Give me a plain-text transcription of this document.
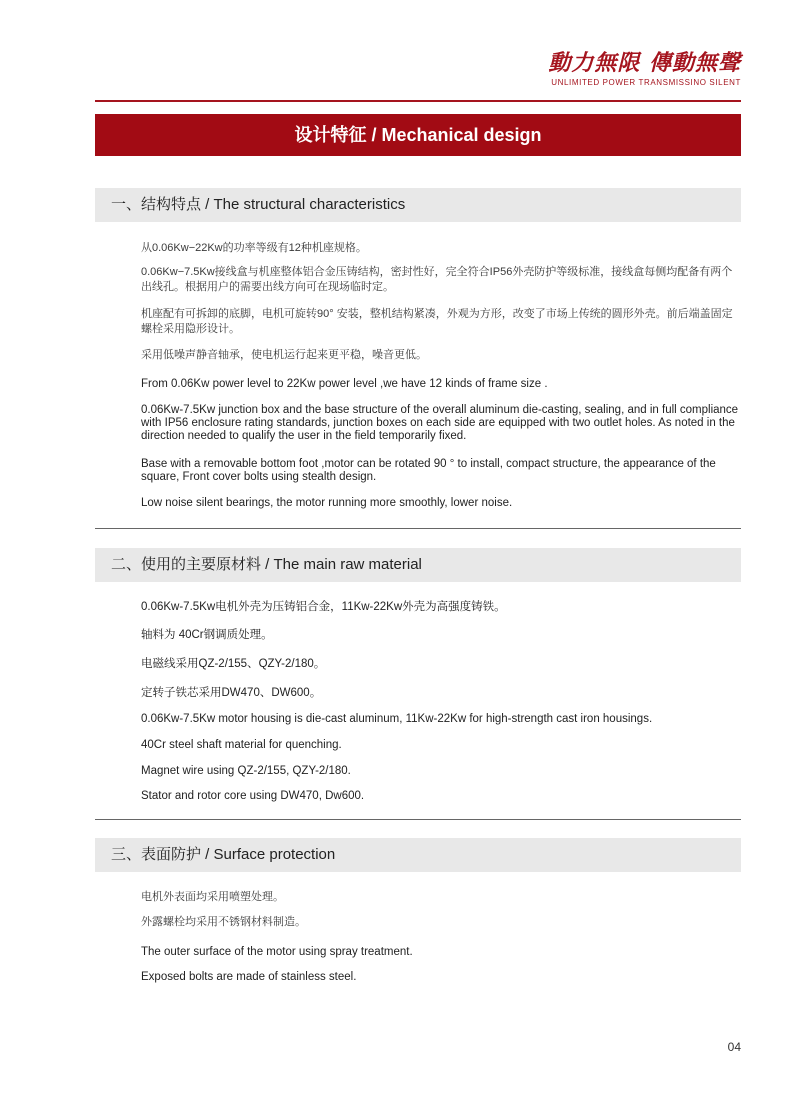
動力無限 傳動無聲
UNLIMITED POWER TRANSMISSINO SILENT
设计特征 / Mechanical design
一、结构特点 / The structural characteristics

从0.06Kw−22Kw的功率等级有12种机座规格。

0.06Kw−7.5Kw接线盒与机座整体铝合金压铸结构，密封性好，完全符合IP56外壳防护等级标准，接线盒每侧均配备有两个出线孔。根据用户的需要出线方向可在现场临时定。

机座配有可拆卸的底脚，电机可旋转90° 安装，整机结构紧凑，外观为方形，改变了市场上传统的圆形外壳。前后端盖固定螺栓采用隐形设计。

采用低噪声静音轴承，使电机运行起来更平稳，噪音更低。

From 0.06Kw power level to 22Kw power level ,we have 12 kinds of frame size .

0.06Kw-7.5Kw junction box and the base structure of the overall aluminum die-casting, sealing, and in full compliance with IP56 enclosure rating standards, junction boxes on each side are equipped with two outlet holes. As noted in the direction needed to qualify the user in the field temporarily fixed.

Base with a removable bottom foot ,motor can be rotated 90 ° to install, compact structure, the appearance of the square, Front cover bolts using stealth design.

Low noise silent bearings, the motor running more smoothly, lower noise.

二、使用的主要原材料 / The main raw material

0.06Kw-7.5Kw电机外壳为压铸铝合金，11Kw-22Kw外壳为高强度铸铁。

轴料为 40Cr钢调质处理。

电磁线采用QZ-2/155、QZY-2/180。

定转子铁芯采用DW470、DW600。

0.06Kw-7.5Kw motor housing is die-cast aluminum, 11Kw-22Kw for high-strength cast iron housings.

40Cr steel shaft material for quenching.

Magnet wire using QZ-2/155, QZY-2/180.

Stator and rotor core using DW470, Dw600.

三、表面防护 / Surface protection

电机外表面均采用喷塑处理。

外露螺栓均采用不锈钢材料制造。

The outer surface of the motor using spray treatment.

Exposed bolts are made of stainless steel.

04
